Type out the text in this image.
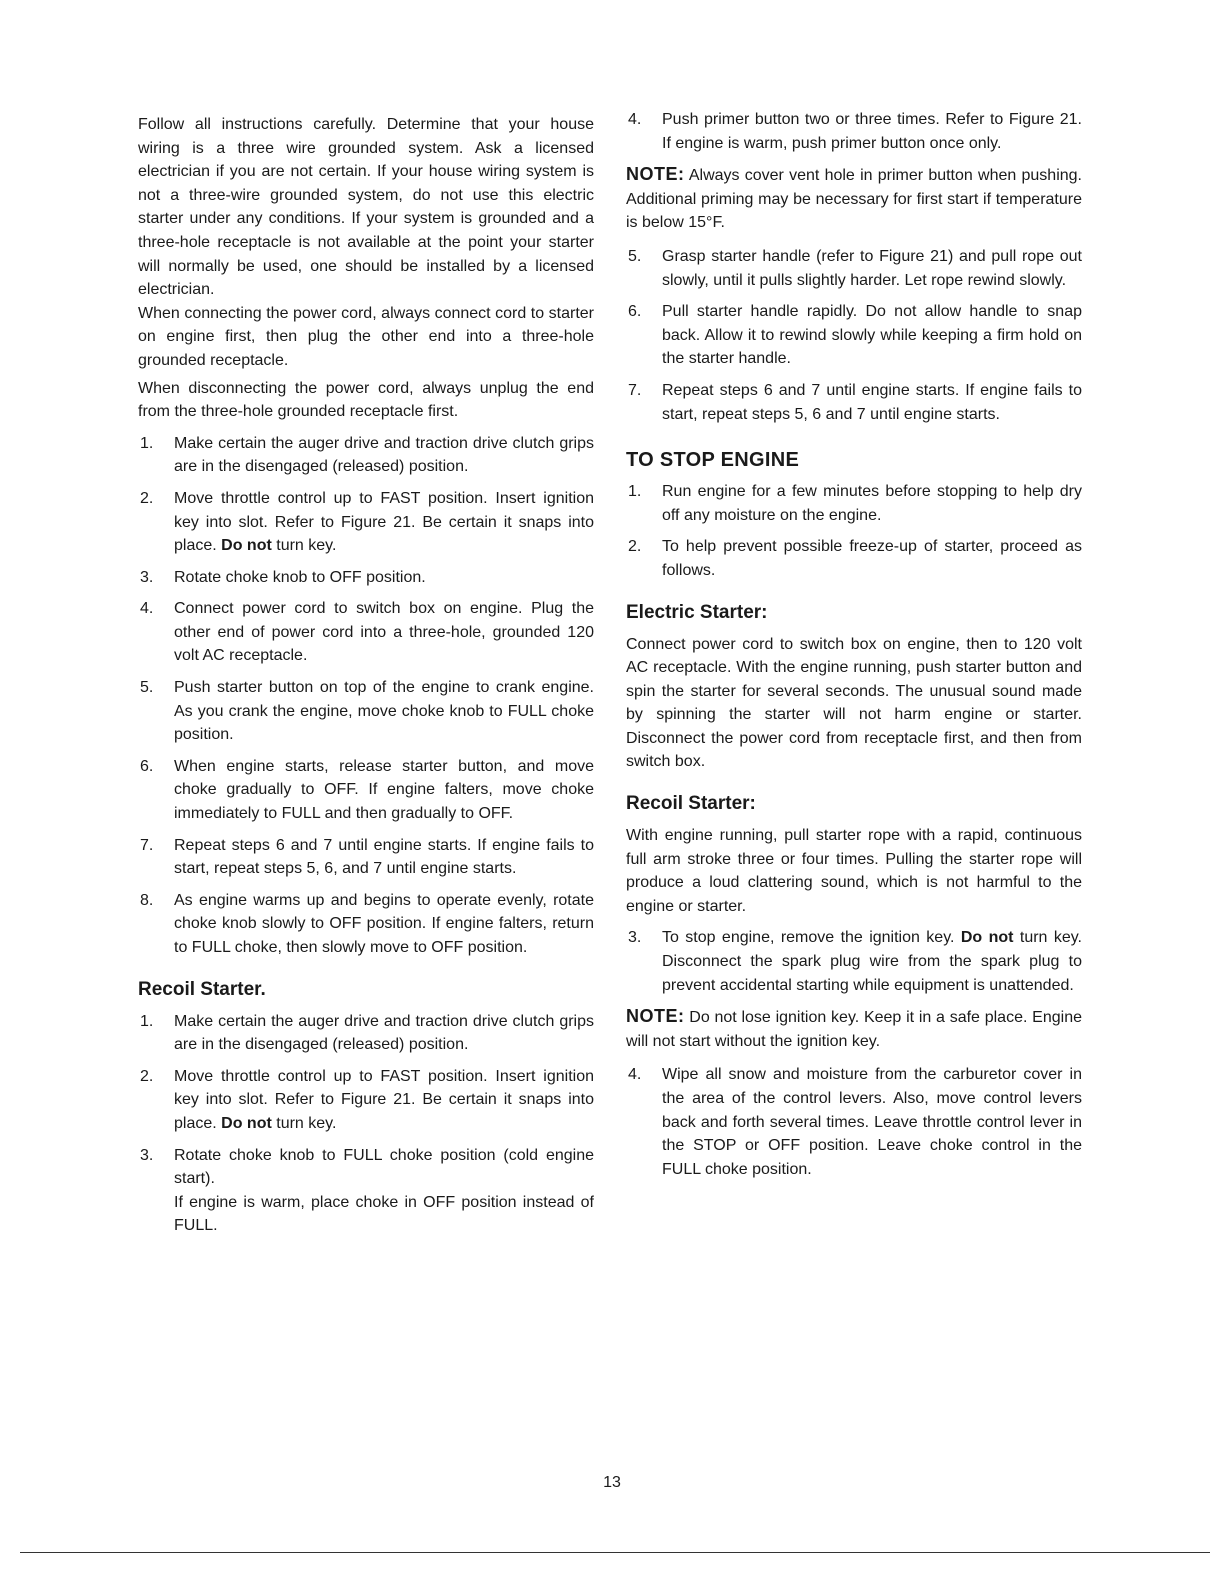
Follow all instructions carefully. Determine that your house wiring is a three wire grounded system. Ask a licensed electrician if you are not certain. If your house wiring system is not a three-wire grounded system, do not use this electric starter under any conditions. If your system is grounded and a three-hole receptacle is not available at the point your starter will normally be used, one should be installed by a licensed electrician.

When connecting the power cord, always connect cord to starter on engine first, then plug the other end into a three-hole grounded receptacle.

When disconnecting the power cord, always unplug the end from the three-hole grounded receptacle first.

1. Make certain the auger drive and traction drive clutch grips are in the disengaged (released) position.
2. Move throttle control up to FAST position. Insert ignition key into slot. Refer to Figure 21. Be certain it snaps into place. Do not turn key.
3. Rotate choke knob to OFF position.
4. Connect power cord to switch box on engine. Plug the other end of power cord into a three-hole, grounded 120 volt AC receptacle.
5. Push starter button on top of the engine to crank engine. As you crank the engine, move choke knob to FULL choke position.
6. When engine starts, release starter button, and move choke gradually to OFF. If engine falters, move choke immediately to FULL and then gradually to OFF.
7. Repeat steps 6 and 7 until engine starts. If engine fails to start, repeat steps 5, 6, and 7 until engine starts.
8. As engine warms up and begins to operate evenly, rotate choke knob slowly to OFF position. If engine falters, return to FULL choke, then slowly move to OFF position.
Recoil Starter.
1. Make certain the auger drive and traction drive clutch grips are in the disengaged (released) position.
2. Move throttle control up to FAST position. Insert ignition key into slot. Refer to Figure 21. Be certain it snaps into place. Do not turn key.
3. Rotate choke knob to FULL choke position (cold engine start).
If engine is warm, place choke in OFF position instead of FULL.
4. Push primer button two or three times. Refer to Figure 21. If engine is warm, push primer button once only.

NOTE: Always cover vent hole in primer button when pushing. Additional priming may be necessary for first start if temperature is below 15°F.

5. Grasp starter handle (refer to Figure 21) and pull rope out slowly, until it pulls slightly harder. Let rope rewind slowly.
6. Pull starter handle rapidly. Do not allow handle to snap back. Allow it to rewind slowly while keeping a firm hold on the starter handle.
7. Repeat steps 6 and 7 until engine starts. If engine fails to start, repeat steps 5, 6 and 7 until engine starts.
TO STOP ENGINE
1. Run engine for a few minutes before stopping to help dry off any moisture on the engine.
2. To help prevent possible freeze-up of starter, proceed as follows.
Electric Starter:

Connect power cord to switch box on engine, then to 120 volt AC receptacle. With the engine running, push starter button and spin the starter for several seconds. The unusual sound made by spinning the starter will not harm engine or starter. Disconnect the power cord from receptacle first, and then from switch box.

Recoil Starter:

With engine running, pull starter rope with a rapid, continuous full arm stroke three or four times. Pulling the starter rope will produce a loud clattering sound, which is not harmful to the engine or starter.

3. To stop engine, remove the ignition key. Do not turn key. Disconnect the spark plug wire from the spark plug to prevent accidental starting while equipment is unattended.

NOTE: Do not lose ignition key. Keep it in a safe place. Engine will not start without the ignition key.

4. Wipe all snow and moisture from the carburetor cover in the area of the control levers. Also, move control levers back and forth several times. Leave throttle control lever in the STOP or OFF position. Leave choke control in the FULL choke position.
13
